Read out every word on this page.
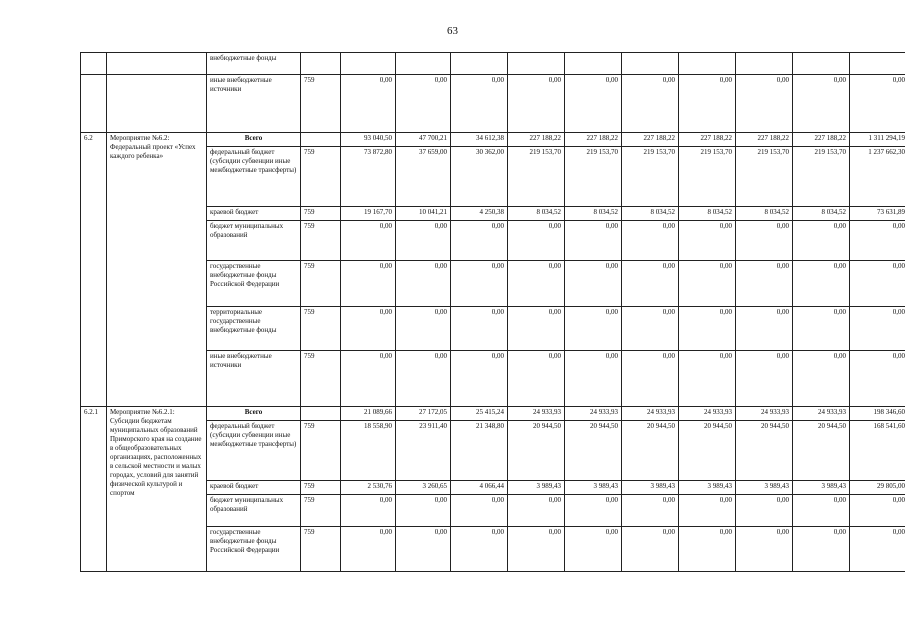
63
		внебюджетные фонды											
		иные внебюджетные источники	759	0,00	0,00	0,00	0,00	0,00	0,00	0,00	0,00	0,00	0,00
6.2	Мероприятие №6.2: Федеральный проект «Успех каждого ребенка»	Всего		93 040,50	47 700,21	34 612,38	227 188,22	227 188,22	227 188,22	227 188,22	227 188,22	227 188,22	1 311 294,19
		федеральный бюджет (субсидии субвенции иные межбюджетные трансферты)	759	73 872,80	37 659,00	30 362,00	219 153,70	219 153,70	219 153,70	219 153,70	219 153,70	219 153,70	1 237 662,30
		краевой бюджет	759	19 167,70	10 041,21	4 250,38	8 034,52	8 034,52	8 034,52	8 034,52	8 034,52	8 034,52	73 631,89
		бюджет муниципальных образований	759	0,00	0,00	0,00	0,00	0,00	0,00	0,00	0,00	0,00	0,00
		государственные внебюджетные фонды Российской Федерации	759	0,00	0,00	0,00	0,00	0,00	0,00	0,00	0,00	0,00	0,00
		территориальные государственные внебюджетные фонды	759	0,00	0,00	0,00	0,00	0,00	0,00	0,00	0,00	0,00	0,00
		иные внебюджетные источники	759	0,00	0,00	0,00	0,00	0,00	0,00	0,00	0,00	0,00	0,00
6.2.1	Мероприятие №6.2.1: Субсидии бюджетам муниципальных образований Приморского края на создание в общеобразовательных организациях, расположенных в сельской местности и малых городах, условий для занятий физической культурой и спортом	Всего		21 089,66	27 172,05	25 415,24	24 933,93	24 933,93	24 933,93	24 933,93	24 933,93	24 933,93	198 346,60
		федеральный бюджет (субсидии субвенции иные межбюджетные трансферты)	759	18 558,90	23 911,40	21 348,80	20 944,50	20 944,50	20 944,50	20 944,50	20 944,50	20 944,50	168 541,60
		краевой бюджет	759	2 530,76	3 260,65	4 066,44	3 989,43	3 989,43	3 989,43	3 989,43	3 989,43	3 989,43	29 805,00
		бюджет муниципальных образований	759	0,00	0,00	0,00	0,00	0,00	0,00	0,00	0,00	0,00	0,00
		государственные внебюджетные фонды Российской Федерации	759	0,00	0,00	0,00	0,00	0,00	0,00	0,00	0,00	0,00	0,00
